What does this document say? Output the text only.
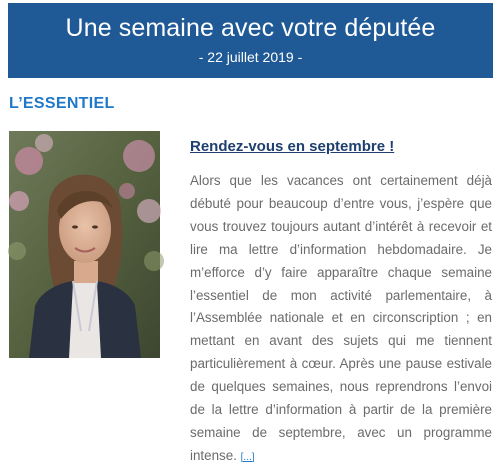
Une semaine avec votre députée
- 22 juillet 2019 -
L’ESSENTIEL
Rendez-vous en septembre !
Alors que les vacances ont certainement déjà débuté pour beaucoup d’entre vous, j’espère que vous trouvez toujours autant d’intérêt à recevoir et lire ma lettre d’information hebdomadaire. Je m’efforce d’y faire apparaître chaque semaine l’essentiel de mon activité parlementaire, à l’Assemblée nationale et en circonscription ; en mettant en avant des sujets qui me tiennent particulièrement à cœur. Après une pause estivale de quelques semaines, nous reprendrons l’envoi de la lettre d’information à partir de la première semaine de septembre, avec un programme intense. [...]
